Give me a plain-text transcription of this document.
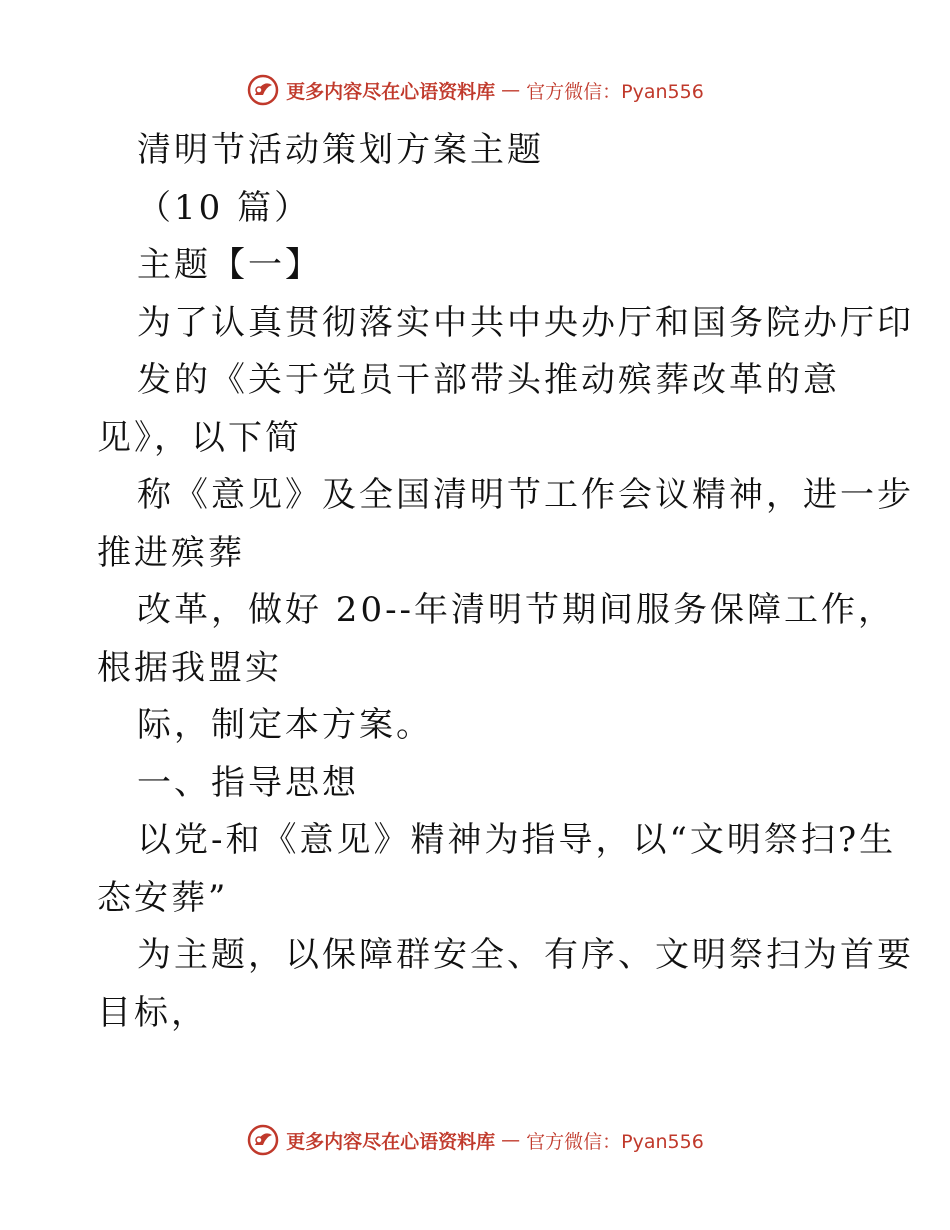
更多内容尽在心语资料库 — 官方微信：Pyan556
清明节活动策划方案主题
（10 篇）
主题【一】
为了认真贯彻落实中共中央办厅和国务院办厅印
发的《关于党员干部带头推动殡葬改革的意
见》，以下简
称《意见》及全国清明节工作会议精神，进一步
推进殡葬
改革，做好 20--年清明节期间服务保障工作，
根据我盟实
际，制定本方案。
一、指导思想
以党-和《意见》精神为指导，以“文明祭扫?生
态安葬”
为主题，以保障群安全、有序、文明祭扫为首要
目标，
更多内容尽在心语资料库 — 官方微信：Pyan556
